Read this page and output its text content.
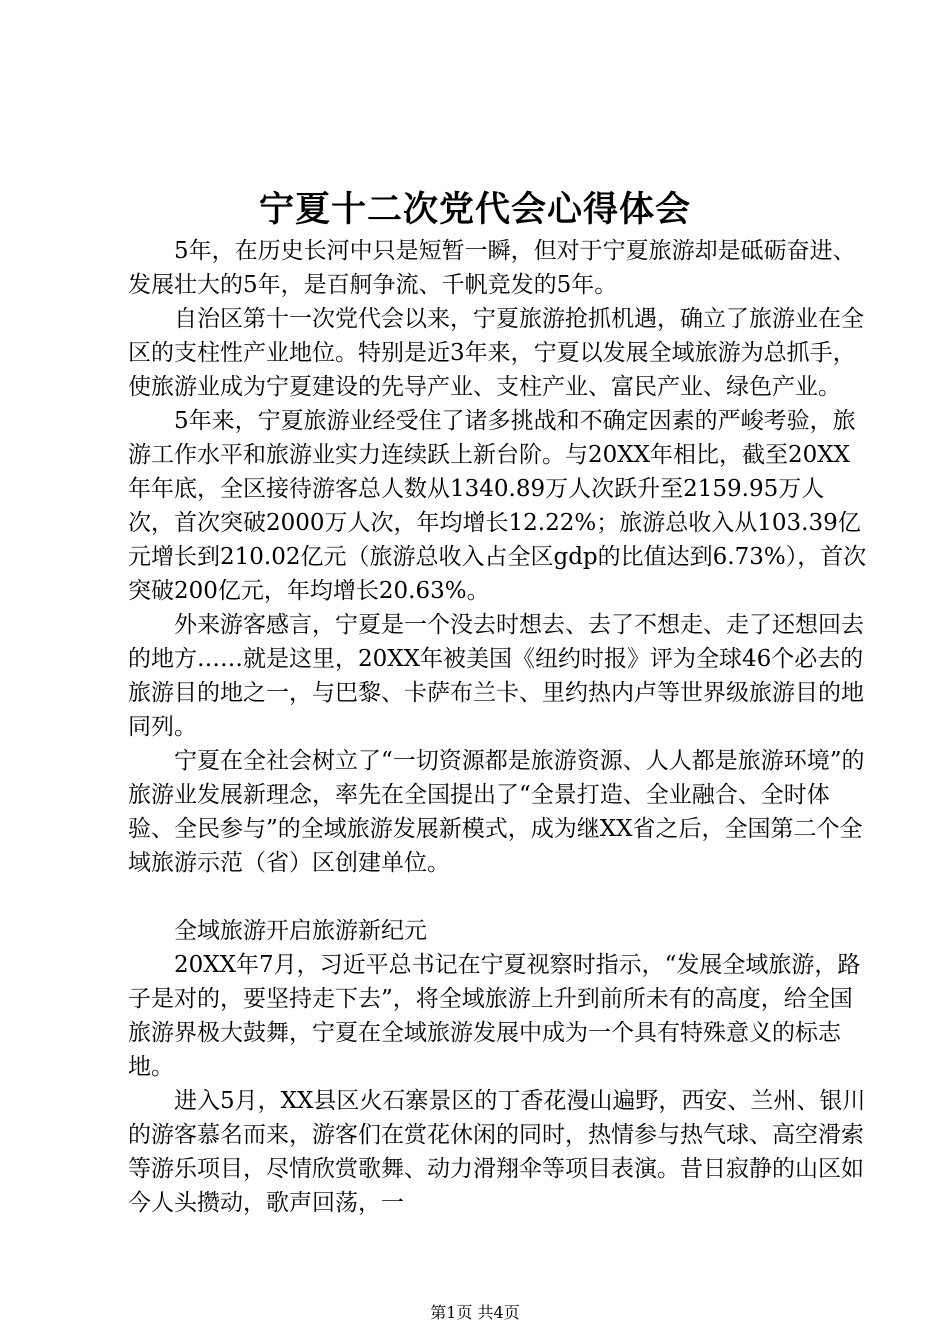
宁夏十二次党代会心得体会

5年，在历史长河中只是短暂一瞬，但对于宁夏旅游却是砥砺奋进、发展壮大的5年，是百舸争流、千帆竞发的5年。

自治区第十一次党代会以来，宁夏旅游抢抓机遇，确立了旅游业在全区的支柱性产业地位。特别是近3年来，宁夏以发展全域旅游为总抓手，使旅游业成为宁夏建设的先导产业、支柱产业、富民产业、绿色产业。

5年来，宁夏旅游业经受住了诸多挑战和不确定因素的严峻考验，旅游工作水平和旅游业实力连续跃上新台阶。与20XX年相比，截至20XX年年底，全区接待游客总人数从1340.89万人次跃升至2159.95万人次，首次突破2000万人次，年均增长12.22%；旅游总收入从103.39亿元增长到210.02亿元（旅游总收入占全区gdp的比值达到6.73%），首次突破200亿元，年均增长20.63%。

外来游客感言，宁夏是一个没去时想去、去了不想走、走了还想回去的地方……就是这里，20XX年被美国《纽约时报》评为全球46个必去的旅游目的地之一，与巴黎、卡萨布兰卡、里约热内卢等世界级旅游目的地同列。

宁夏在全社会树立了“一切资源都是旅游资源、人人都是旅游环境”的旅游业发展新理念，率先在全国提出了“全景打造、全业融合、全时体验、全民参与”的全域旅游发展新模式，成为继XX省之后，全国第二个全域旅游示范（省）区创建单位。

全域旅游开启旅游新纪元

20XX年7月，习近平总书记在宁夏视察时指示，“发展全域旅游，路子是对的，要坚持走下去”，将全域旅游上升到前所未有的高度，给全国旅游界极大鼓舞，宁夏在全域旅游发展中成为一个具有特殊意义的标志地。

进入5月，XX县区火石寨景区的丁香花漫山遍野，西安、兰州、银川的游客慕名而来，游客们在赏花休闲的同时，热情参与热气球、高空滑索等游乐项目，尽情欣赏歌舞、动力滑翔伞等项目表演。昔日寂静的山区如今人头攒动，歌声回荡，一

第1页 共4页
